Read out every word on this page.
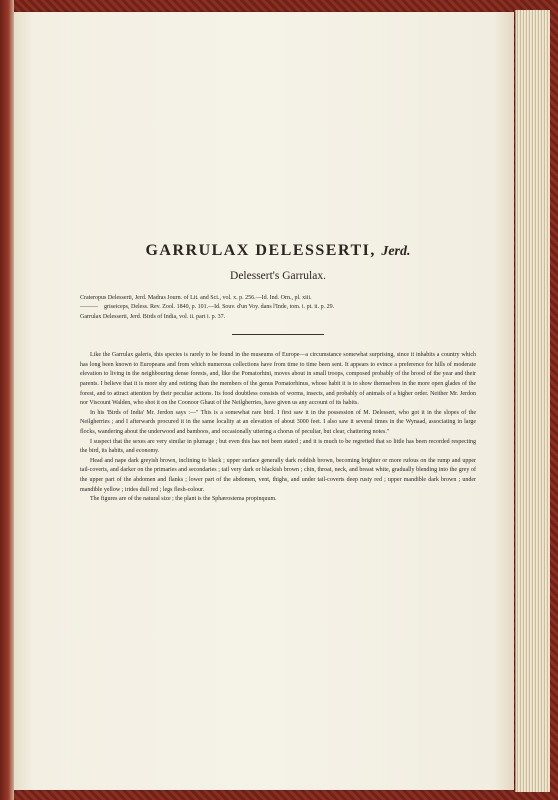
GARRULAX DELESSERTI, Jerd.
Delessert's Garrulax.

Crateropus Delesserti, Jerd. Madras Journ. of Lit. and Sci., vol. x. p. 256.—Id. Ind. Orn., pl. xiii.

——— griseiceps, Deless. Rev. Zool. 1840, p. 101.—Id. Souv. d'un Voy. dans l'Inde, tom. i. pt. ii. p. 29.

Garrulax Delesserti, Jerd. Birds of India, vol. ii. part i. p. 37.

Like the Garrulax galeris, this species is rarely to be found in the museums of Europe—a circumstance somewhat surprising, since it inhabits a country which has long been known to Europeans and from which numerous collections have from time to time been sent. It appears to evince a preference for hills of moderate elevation to living in the neighbouring dense forests, and, like the Pomatorhini, moves about in small troops, composed probably of the brood of the year and their parents. I believe that it is more shy and retiring than the members of the genus Pomatorhinus, whose habit it is to show themselves in the more open glades of the forest, and to attract attention by their peculiar actions. Its food doubtless consists of worms, insects, and probably of animals of a higher order. Neither Mr. Jerdon nor Viscount Walden, who shot it on the Coonoor Ghaut of the Neilgherries, have given us any account of its habits.

In his 'Birds of India' Mr. Jerdon says :—" This is a somewhat rare bird. I first saw it in the possession of M. Delessert, who got it in the slopes of the Neilgherries ; and I afterwards procured it in the same locality at an elevation of about 3000 feet. I also saw it several times in the Wynaad, associating in large flocks, wandering about the underwood and bamboos, and occasionally uttering a chorus of peculiar, but clear, chattering notes."

I suspect that the sexes are very similar in plumage ; but even this has not been stated ; and it is much to be regretted that so little has been recorded respecting the bird, its habits, and economy.

Head and nape dark greyish brown, inclining to black ; upper surface generally dark reddish brown, becoming brighter or more rufous on the rump and upper tail-coverts, and darker on the primaries and secondaries ; tail very dark or blackish brown ; chin, throat, neck, and breast white, gradually blending into the grey of the upper part of the abdomen and flanks ; lower part of the abdomen, vent, thighs, and under tail-coverts deep rusty red ; upper mandible dark brown ; under mandible yellow ; irides dull red ; legs flesh-colour.

The figures are of the natural size ; the plant is the Sphærostema propinquum.
